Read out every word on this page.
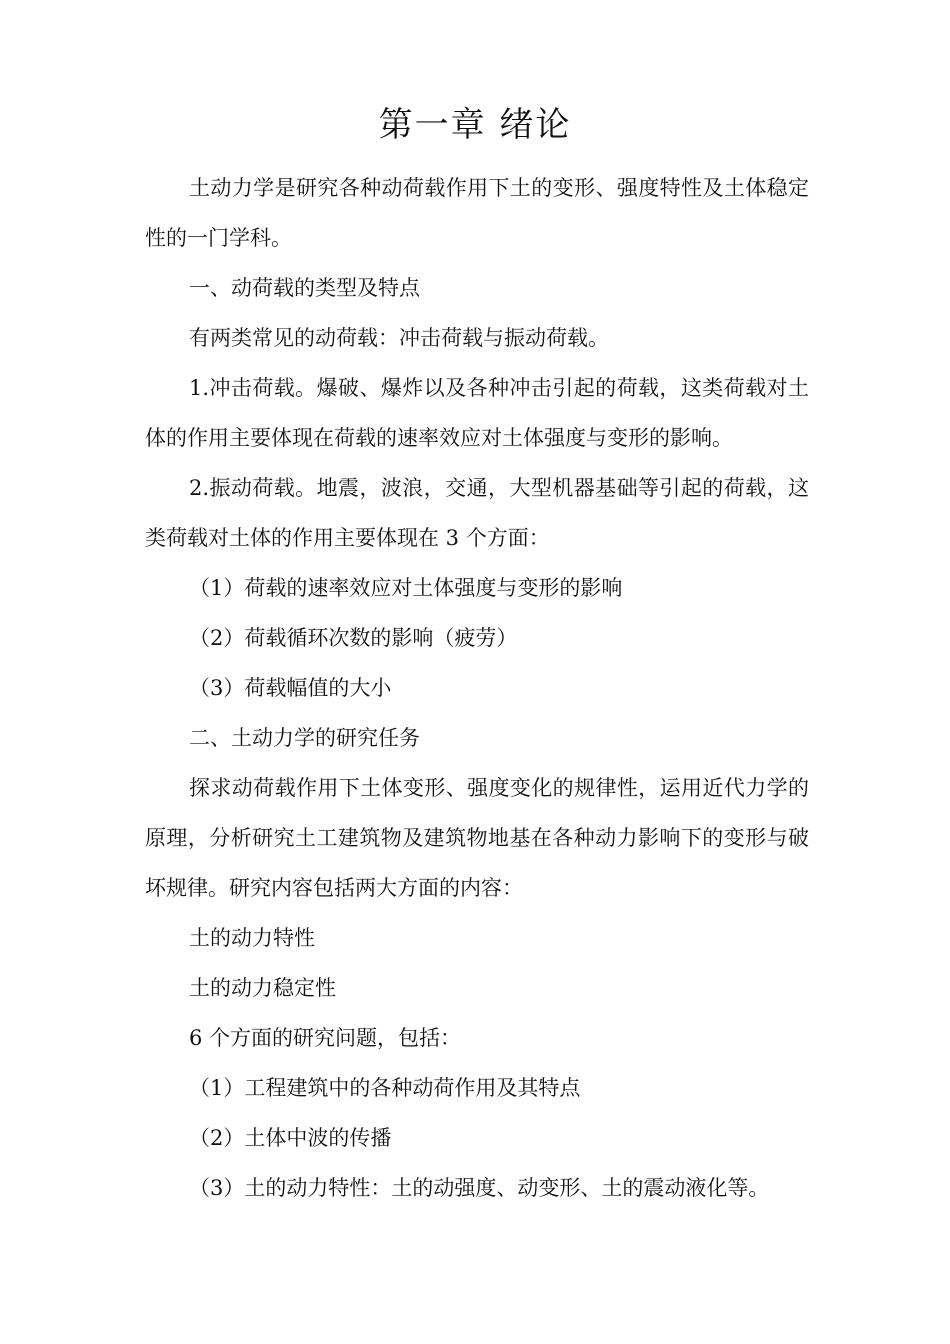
第一章 绪论

土动力学是研究各种动荷载作用下土的变形、强度特性及土体稳定性的一门学科。

一、动荷载的类型及特点

有两类常见的动荷载：冲击荷载与振动荷载。

1.冲击荷载。爆破、爆炸以及各种冲击引起的荷载，这类荷载对土体的作用主要体现在荷载的速率效应对土体强度与变形的影响。

2.振动荷载。地震，波浪，交通，大型机器基础等引起的荷载，这类荷载对土体的作用主要体现在 3 个方面：

（1）荷载的速率效应对土体强度与变形的影响

（2）荷载循环次数的影响（疲劳）

（3）荷载幅值的大小

二、土动力学的研究任务

探求动荷载作用下土体变形、强度变化的规律性，运用近代力学的原理，分析研究土工建筑物及建筑物地基在各种动力影响下的变形与破坏规律。研究内容包括两大方面的内容：

土的动力特性

土的动力稳定性

6 个方面的研究问题，包括：

（1）工程建筑中的各种动荷作用及其特点

（2）土体中波的传播

（3）土的动力特性：土的动强度、动变形、土的震动液化等。
